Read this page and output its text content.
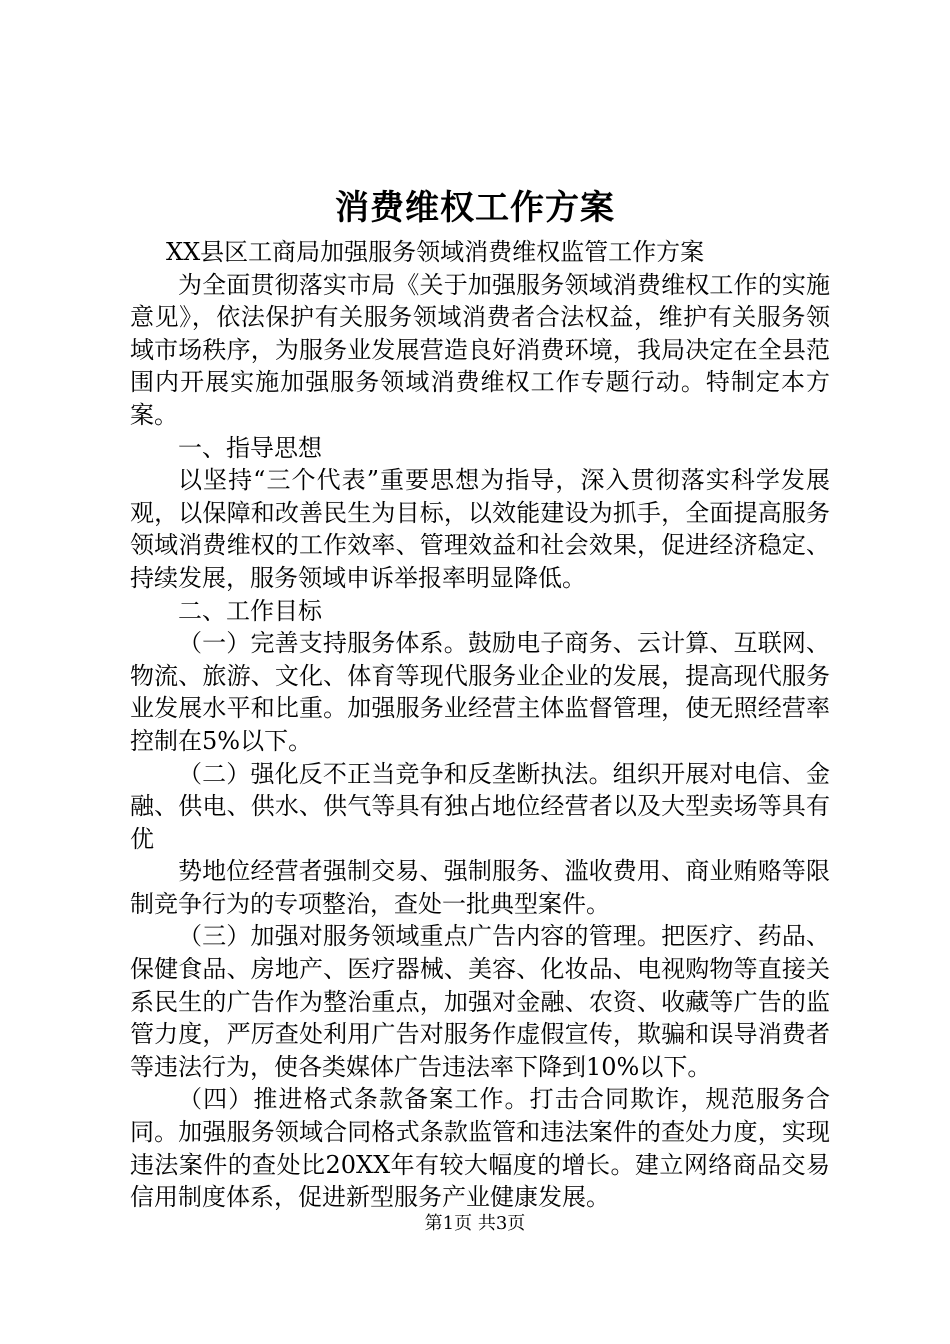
消费维权工作方案

XX县区工商局加强服务领域消费维权监管工作方案

为全面贯彻落实市局《关于加强服务领域消费维权工作的实施意见》，依法保护有关服务领域消费者合法权益，维护有关服务领域市场秩序，为服务业发展营造良好消费环境，我局决定在全县范围内开展实施加强服务领域消费维权工作专题行动。特制定本方案。

一、指导思想

以坚持“三个代表”重要思想为指导，深入贯彻落实科学发展观，以保障和改善民生为目标，以效能建设为抓手，全面提高服务领域消费维权的工作效率、管理效益和社会效果，促进经济稳定、持续发展，服务领域申诉举报率明显降低。

二、工作目标

（一）完善支持服务体系。鼓励电子商务、云计算、互联网、物流、旅游、文化、体育等现代服务业企业的发展，提高现代服务业发展水平和比重。加强服务业经营主体监督管理，使无照经营率控制在5%以下。

（二）强化反不正当竞争和反垄断执法。组织开展对电信、金融、供电、供水、供气等具有独占地位经营者以及大型卖场等具有优

势地位经营者强制交易、强制服务、滥收费用、商业贿赂等限制竞争行为的专项整治，查处一批典型案件。

（三）加强对服务领域重点广告内容的管理。把医疗、药品、保健食品、房地产、医疗器械、美容、化妆品、电视购物等直接关系民生的广告作为整治重点，加强对金融、农资、收藏等广告的监管力度，严厉查处利用广告对服务作虚假宣传，欺骗和误导消费者等违法行为，使各类媒体广告违法率下降到10%以下。

（四）推进格式条款备案工作。打击合同欺诈，规范服务合同。加强服务领域合同格式条款监管和违法案件的查处力度，实现违法案件的查处比20XX年有较大幅度的增长。建立网络商品交易信用制度体系，促进新型服务产业健康发展。

第1页 共3页
